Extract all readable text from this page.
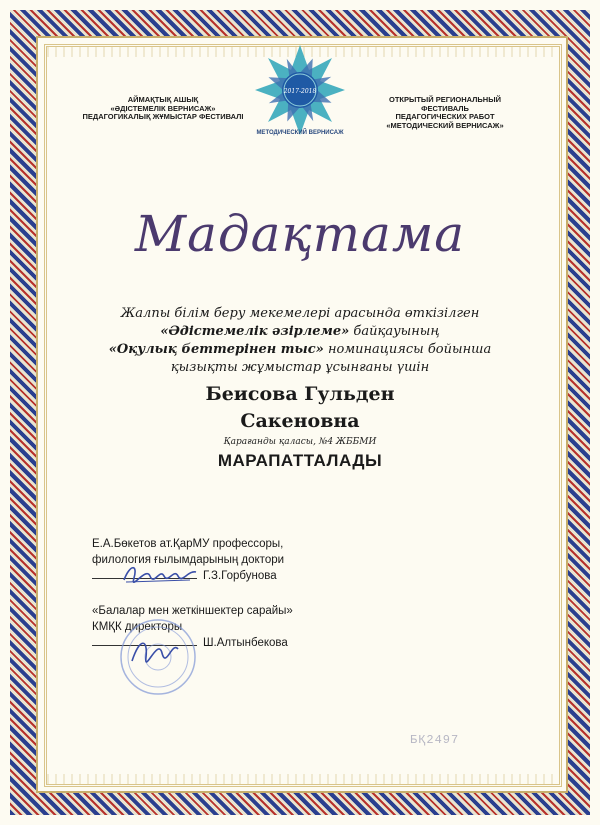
2017-2018
МЕТОДИЧЕСКИЙ ВЕРНИСАЖ
АЙМАҚТЫҚ АШЫҚ
«ӘДІСТЕМЕЛІК ВЕРНИСАЖ»
ПЕДАГОГИКАЛЫҚ ЖҰМЫСТАР ФЕСТИВАЛІ
ОТКРЫТЫЙ РЕГИОНАЛЬНЫЙ
ФЕСТИВАЛЬ
ПЕДАГОГИЧЕСКИХ РАБОТ
«МЕТОДИЧЕСКИЙ ВЕРНИСАЖ»
Мадақтама
Жалпы білім беру мекемелері арасында өткізілген
«Әдістемелік әзірлеме» байқауының
«Оқулық беттерінен тыс» номинациясы бойынша
қызықты жұмыстар ұсынғаны үшін
Беисова Гульден
Сакеновна
Қарағанды қаласы, №4 ЖББМИ
МАРАПАТТАЛАДЫ
Е.А.Бөкетов ат.ҚарМУ профессоры,
филология ғылымдарының доктори
Г.З.Горбунова
«Балалар мен жеткіншектер сарайы»
КМҚК директоры
Ш.Алтынбекова
БҚ2497
